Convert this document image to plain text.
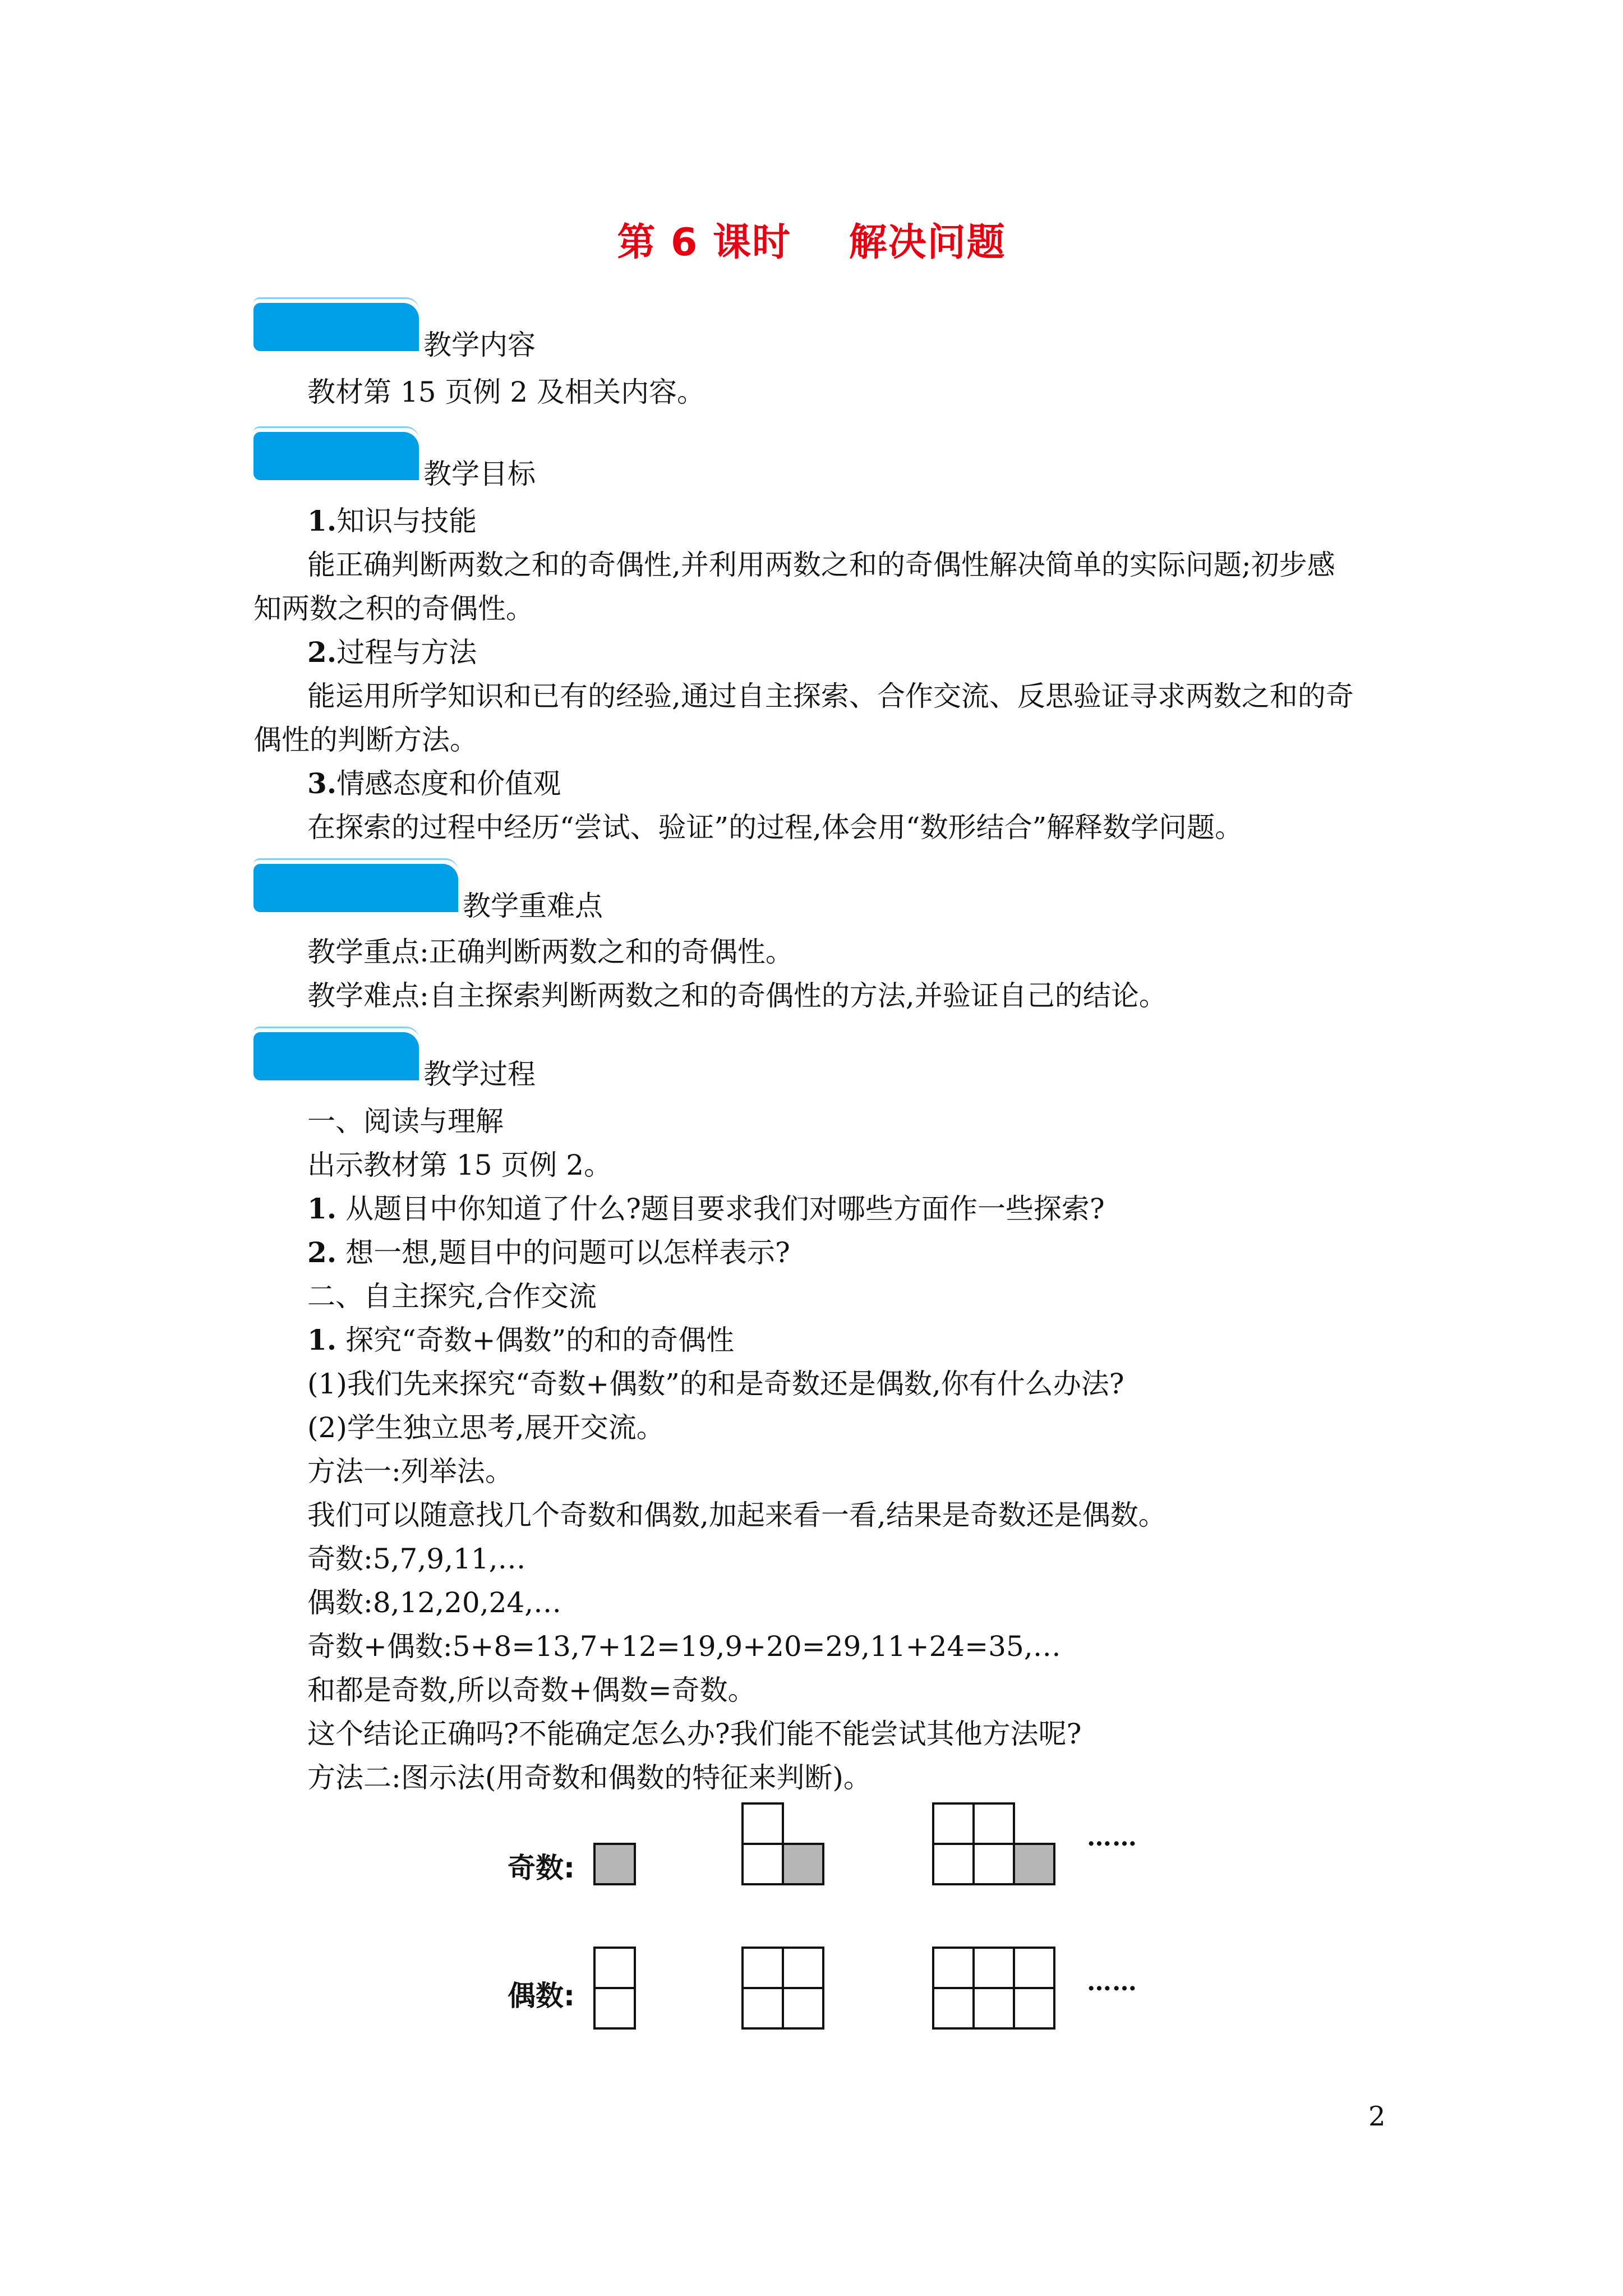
第 6 课时    解决问题
教学内容
教材第 15 页例 2 及相关内容。
教学目标
1.知识与技能
能正确判断两数之和的奇偶性,并利用两数之和的奇偶性解决简单的实际问题;初步感
知两数之积的奇偶性。
2.过程与方法
能运用所学知识和已有的经验,通过自主探索、合作交流、反思验证寻求两数之和的奇
偶性的判断方法。
3.情感态度和价值观
在探索的过程中经历“尝试、验证”的过程,体会用“数形结合”解释数学问题。
教学重难点
教学重点:正确判断两数之和的奇偶性。
教学难点:自主探索判断两数之和的奇偶性的方法,并验证自己的结论。
教学过程
一、阅读与理解
出示教材第 15 页例 2。
1. 从题目中你知道了什么?题目要求我们对哪些方面作一些探索?
2. 想一想,题目中的问题可以怎样表示?
二、自主探究,合作交流
1. 探究“奇数+偶数”的和的奇偶性
(1)我们先来探究“奇数+偶数”的和是奇数还是偶数,你有什么办法?
(2)学生独立思考,展开交流。
方法一:列举法。
我们可以随意找几个奇数和偶数,加起来看一看,结果是奇数还是偶数。
奇数:5,7,9,11,…
偶数:8,12,20,24,…
奇数+偶数:5+8=13,7+12=19,9+20=29,11+24=35,…
和都是奇数,所以奇数+偶数=奇数。
这个结论正确吗?不能确定怎么办?我们能不能尝试其他方法呢?
方法二:图示法(用奇数和偶数的特征来判断)。
奇数:
……
偶数:	……
2
